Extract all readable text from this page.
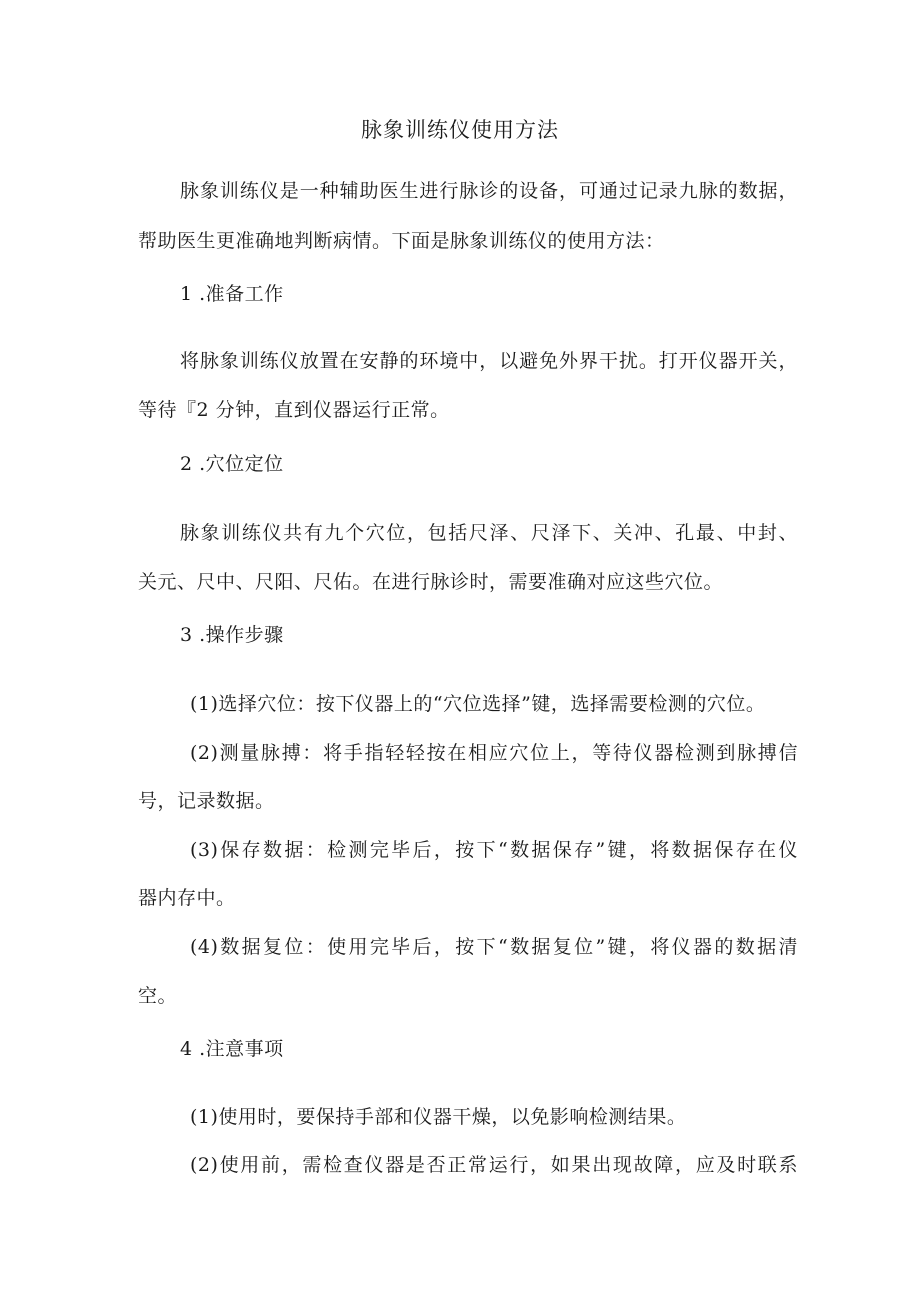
脉象训练仪使用方法

脉象训练仪是一种辅助医生进行脉诊的设备，可通过记录九脉的数据，

帮助医生更准确地判断病情。下面是脉象训练仪的使用方法：

1 .准备工作

将脉象训练仪放置在安静的环境中，以避免外界干扰。打开仪器开关，

等待『2 分钟，直到仪器运行正常。

2 .穴位定位

脉象训练仪共有九个穴位，包括尺泽、尺泽下、关冲、孔最、中封、

关元、尺中、尺阳、尺佑。在进行脉诊时，需要准确对应这些穴位。

3 .操作步骤

(1)选择穴位：按下仪器上的“穴位选择”键，选择需要检测的穴位。

(2)测量脉搏：将手指轻轻按在相应穴位上，等待仪器检测到脉搏信

号，记录数据。

(3)保存数据：检测完毕后，按下“数据保存”键，将数据保存在仪

器内存中。

(4)数据复位：使用完毕后，按下“数据复位”键，将仪器的数据清

空。

4 .注意事项

(1)使用时，要保持手部和仪器干燥，以免影响检测结果。

(2)使用前，需检查仪器是否正常运行，如果出现故障，应及时联系
